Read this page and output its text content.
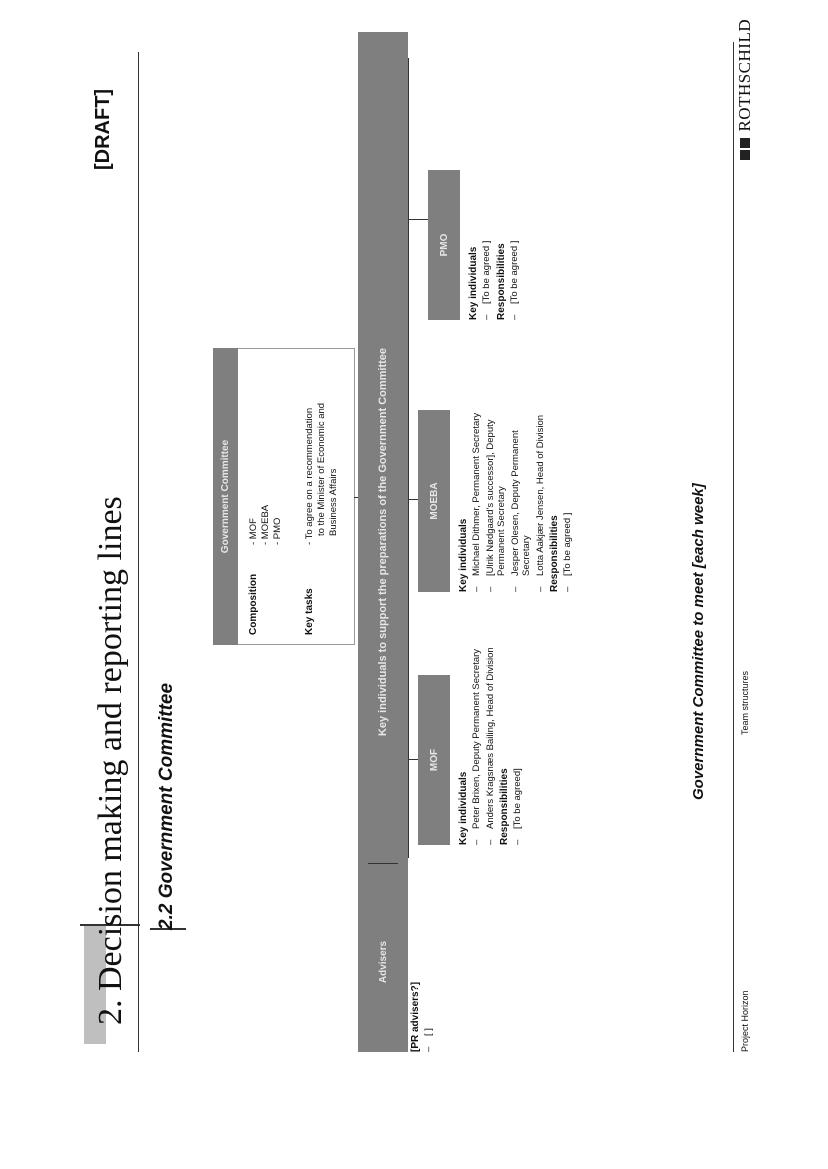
2. Decision making and reporting lines
[DRAFT]
2.2 Government Committee
Government Committee
Composition
- MOF - MOEBA - PMO
Key tasks
- To agree on a recommendation to the Minister of Economic and Business Affairs	Key individuals to support the preparations of the Government Committee
Advisers
MOF
MOEBA
PMO
[PR advisers?] – [ ]
Key individuals – Peter Brixen, Deputy Permanent Secretary – Anders Kragsnæs Bailing, Head of Division Responsibilities – [To be agreed]
Key individuals – Michael Dithmer, Permanent Secretary – [Ulrik Nødgaard's successor], Deputy Permanent Secretary – Jesper Olesen, Deputy Permanent Secretary – Lotta Aakjær Jensen, Head of Division Responsibilities – [To be agreed ]
Key individuals – [To be agreed ] Responsibilities – [To be agreed ]
Government Committee to meet [each week]
Project Horizon
Team structures
ROTHSCHILD
